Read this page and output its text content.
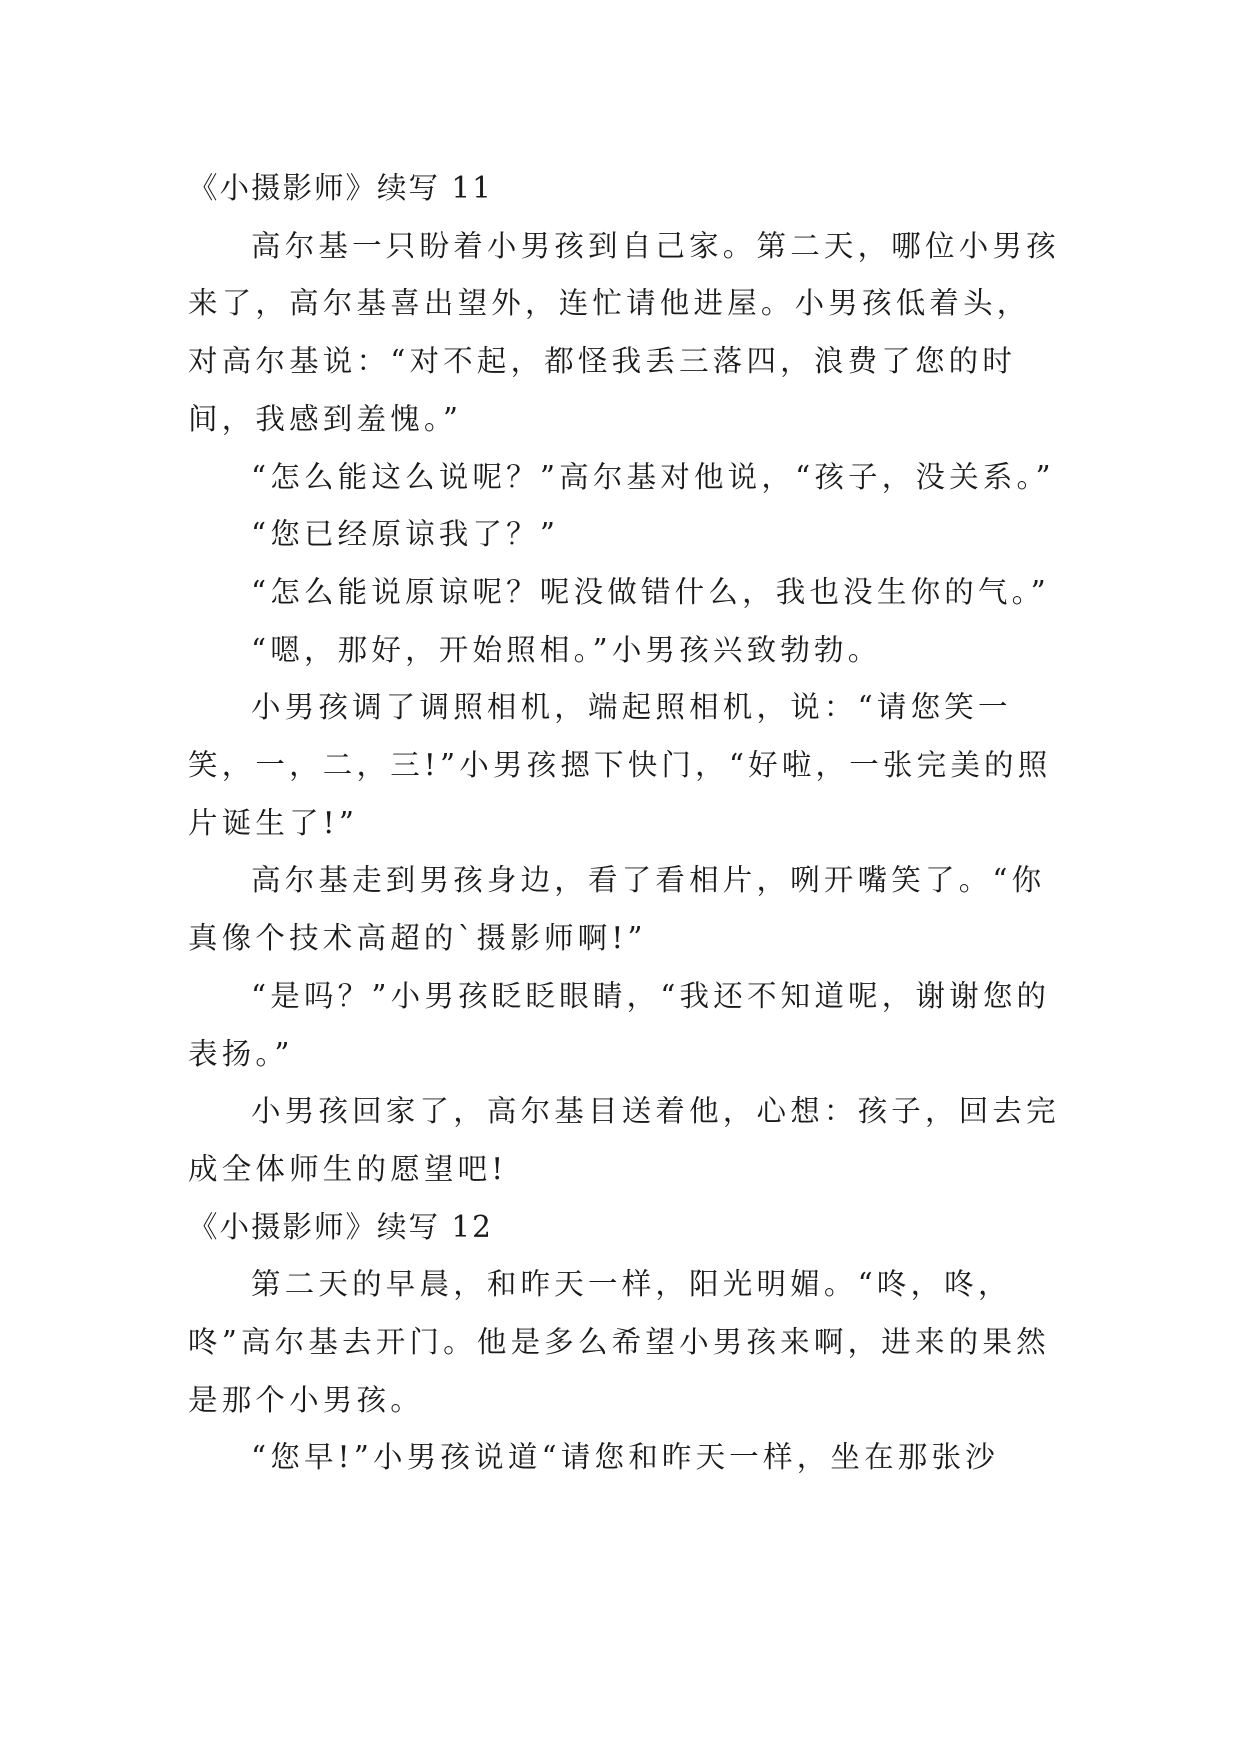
《小摄影师》续写 11

高尔基一只盼着小男孩到自己家。第二天，哪位小男孩来了，高尔基喜出望外，连忙请他进屋。小男孩低着头，对高尔基说：“对不起，都怪我丢三落四，浪费了您的时间，我感到羞愧。”

“怎么能这么说呢？”高尔基对他说，“孩子，没关系。”

“您已经原谅我了？”

“怎么能说原谅呢？呢没做错什么，我也没生你的气。”

“嗯，那好，开始照相。”小男孩兴致勃勃。

小男孩调了调照相机，端起照相机，说：“请您笑一笑，一，二，三!”小男孩摁下快门，“好啦，一张完美的照片诞生了!”

高尔基走到男孩身边，看了看相片，咧开嘴笑了。“你真像个技术高超的`摄影师啊!”

“是吗？”小男孩眨眨眼睛，“我还不知道呢，谢谢您的表扬。”

小男孩回家了，高尔基目送着他，心想：孩子，回去完成全体师生的愿望吧!

《小摄影师》续写 12

第二天的早晨，和昨天一样，阳光明媚。“咚，咚，咚”高尔基去开门。他是多么希望小男孩来啊，进来的果然是那个小男孩。

“您早!”小男孩说道“请您和昨天一样，坐在那张沙
